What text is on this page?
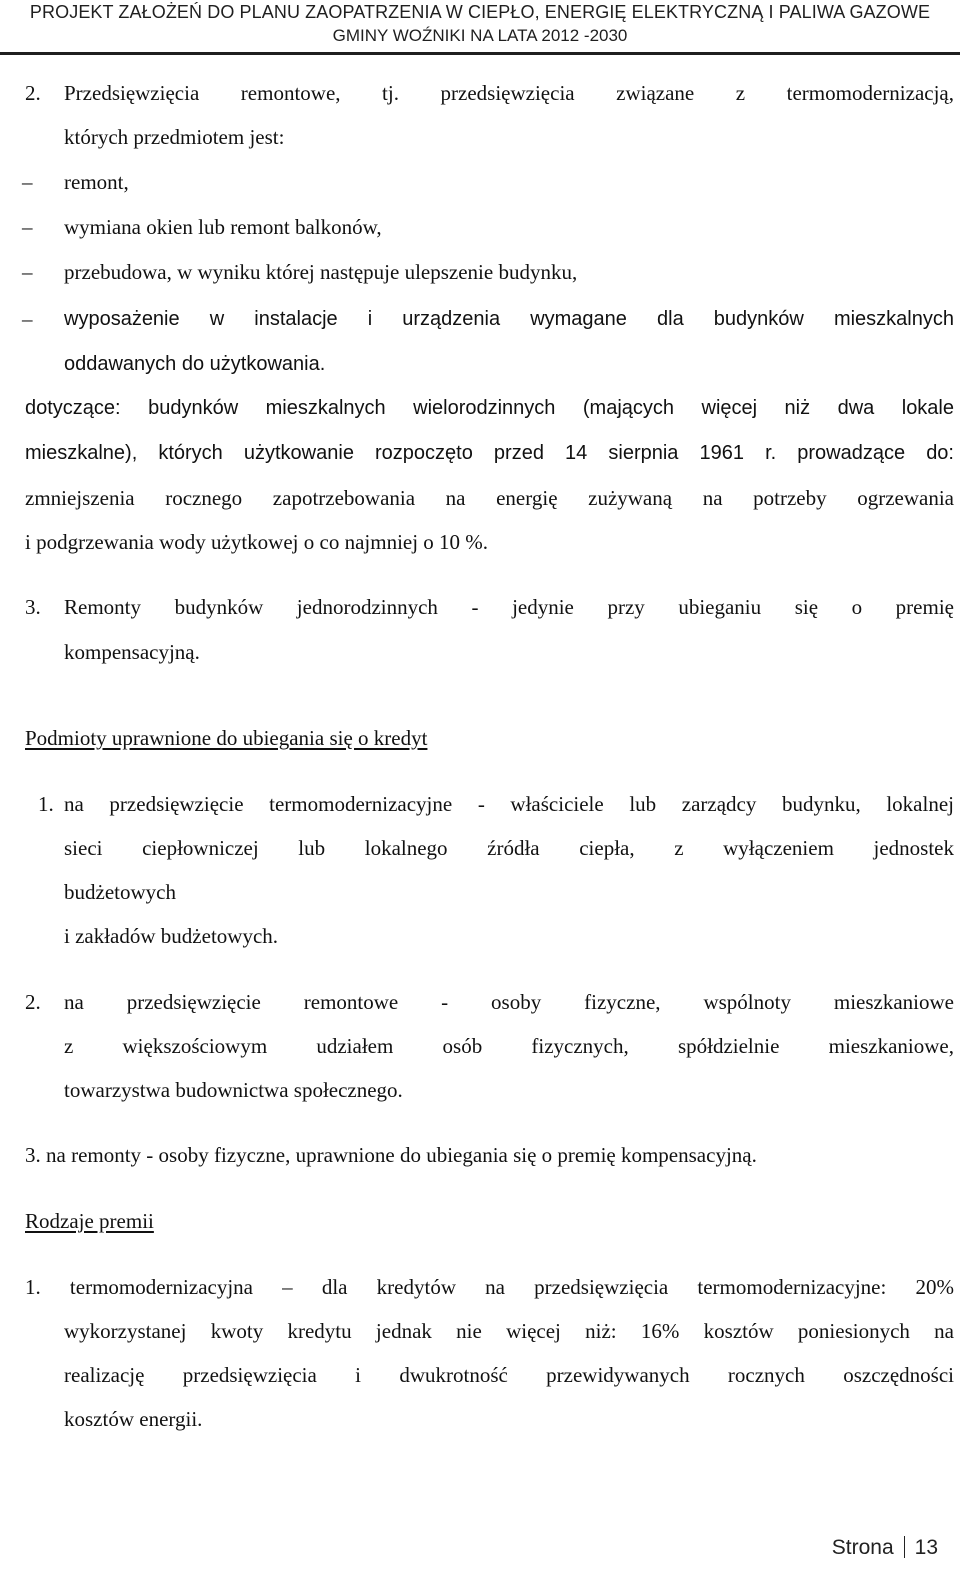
PROJEKT ZAŁOŻEŃ DO PLANU ZAOPATRZENIA W CIEPŁO, ENERGIĘ ELEKTRYCZNĄ I PALIWA GAZOWE
GMINY WOŹNIKI NA LATA 2012 -2030
2. Przedsięwzięcia remontowe, tj. przedsięwzięcia związane z termomodernizacją,
których przedmiotem jest:
– remont,
– wymiana okien lub remont balkonów,
– przebudowa, w wyniku której następuje ulepszenie budynku,
– wyposażenie w instalacje i urządzenia wymagane dla budynków mieszkalnych
oddawanych do użytkowania.
dotyczące: budynków mieszkalnych wielorodzinnych (mających więcej niż dwa lokale
mieszkalne), których użytkowanie rozpoczęto przed 14 sierpnia 1961 r. prowadzące do:
zmniejszenia rocznego zapotrzebowania na energię zużywaną na potrzeby ogrzewania
i podgrzewania wody użytkowej o co najmniej o 10 %.
3. Remonty budynków jednorodzinnych - jedynie przy ubieganiu się o premię
kompensacyjną.
Podmioty uprawnione do ubiegania się o kredyt
1. na przedsięwzięcie termomodernizacyjne - właściciele lub zarządcy budynku, lokalnej
sieci ciepłowniczej lub lokalnego źródła ciepła, z wyłączeniem jednostek
budżetowych
i zakładów budżetowych.
2. na przedsięwzięcie remontowe - osoby fizyczne, wspólnoty mieszkaniowe
z większościowym udziałem osób fizycznych, spółdzielnie mieszkaniowe,
towarzystwa budownictwa społecznego.
3. na remonty - osoby fizyczne, uprawnione do ubiegania się o premię kompensacyjną.
Rodzaje premii
1. termomodernizacyjna – dla kredytów na przedsięwzięcia termomodernizacyjne: 20%
wykorzystanej kwoty kredytu jednak nie więcej niż: 16% kosztów poniesionych na
realizację przedsięwzięcia i dwukrotność przewidywanych rocznych oszczędności
kosztów energii.
Strona 13
